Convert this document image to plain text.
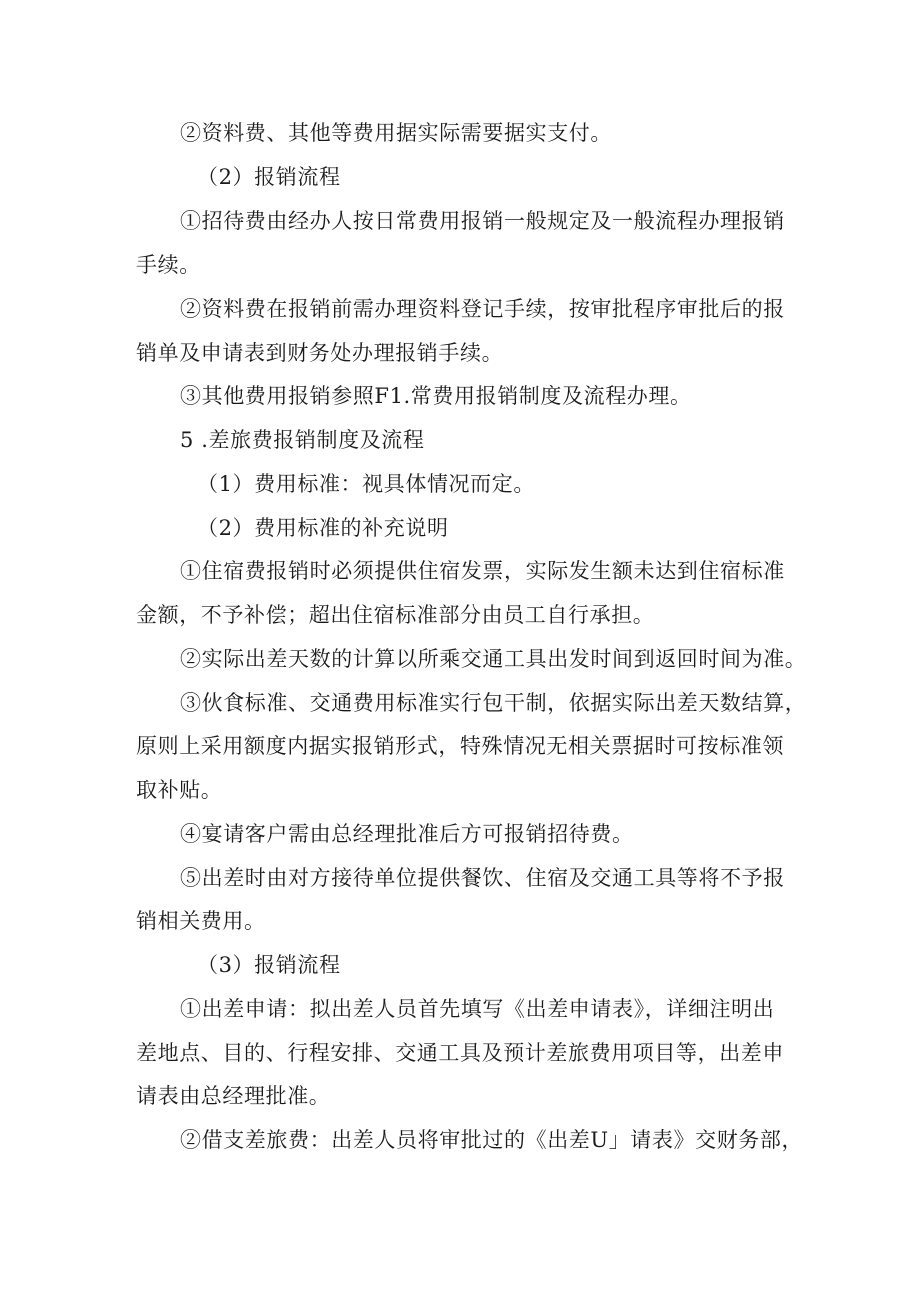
②资料费、其他等费用据实际需要据实支付。
（2）报销流程
①招待费由经办人按日常费用报销一般规定及一般流程办理报销
手续。
②资料费在报销前需办理资料登记手续，按审批程序审批后的报
销单及申请表到财务处办理报销手续。
③其他费用报销参照F1.常费用报销制度及流程办理。
5 .差旅费报销制度及流程
（1）费用标准：视具体情况而定。
（2）费用标准的补充说明
①住宿费报销时必须提供住宿发票，实际发生额未达到住宿标准
金额，不予补偿；超出住宿标准部分由员工自行承担。
②实际出差天数的计算以所乘交通工具出发时间到返回时间为准。
③伙食标准、交通费用标准实行包干制，依据实际出差天数结算，
原则上采用额度内据实报销形式，特殊情况无相关票据时可按标准领
取补贴。
④宴请客户需由总经理批准后方可报销招待费。
⑤出差时由对方接待单位提供餐饮、住宿及交通工具等将不予报
销相关费用。
（3）报销流程
①出差申请：拟出差人员首先填写《出差申请表》，详细注明出
差地点、目的、行程安排、交通工具及预计差旅费用项目等，出差申
请表由总经理批准。
②借支差旅费：出差人员将审批过的《出差U」请表》交财务部，
